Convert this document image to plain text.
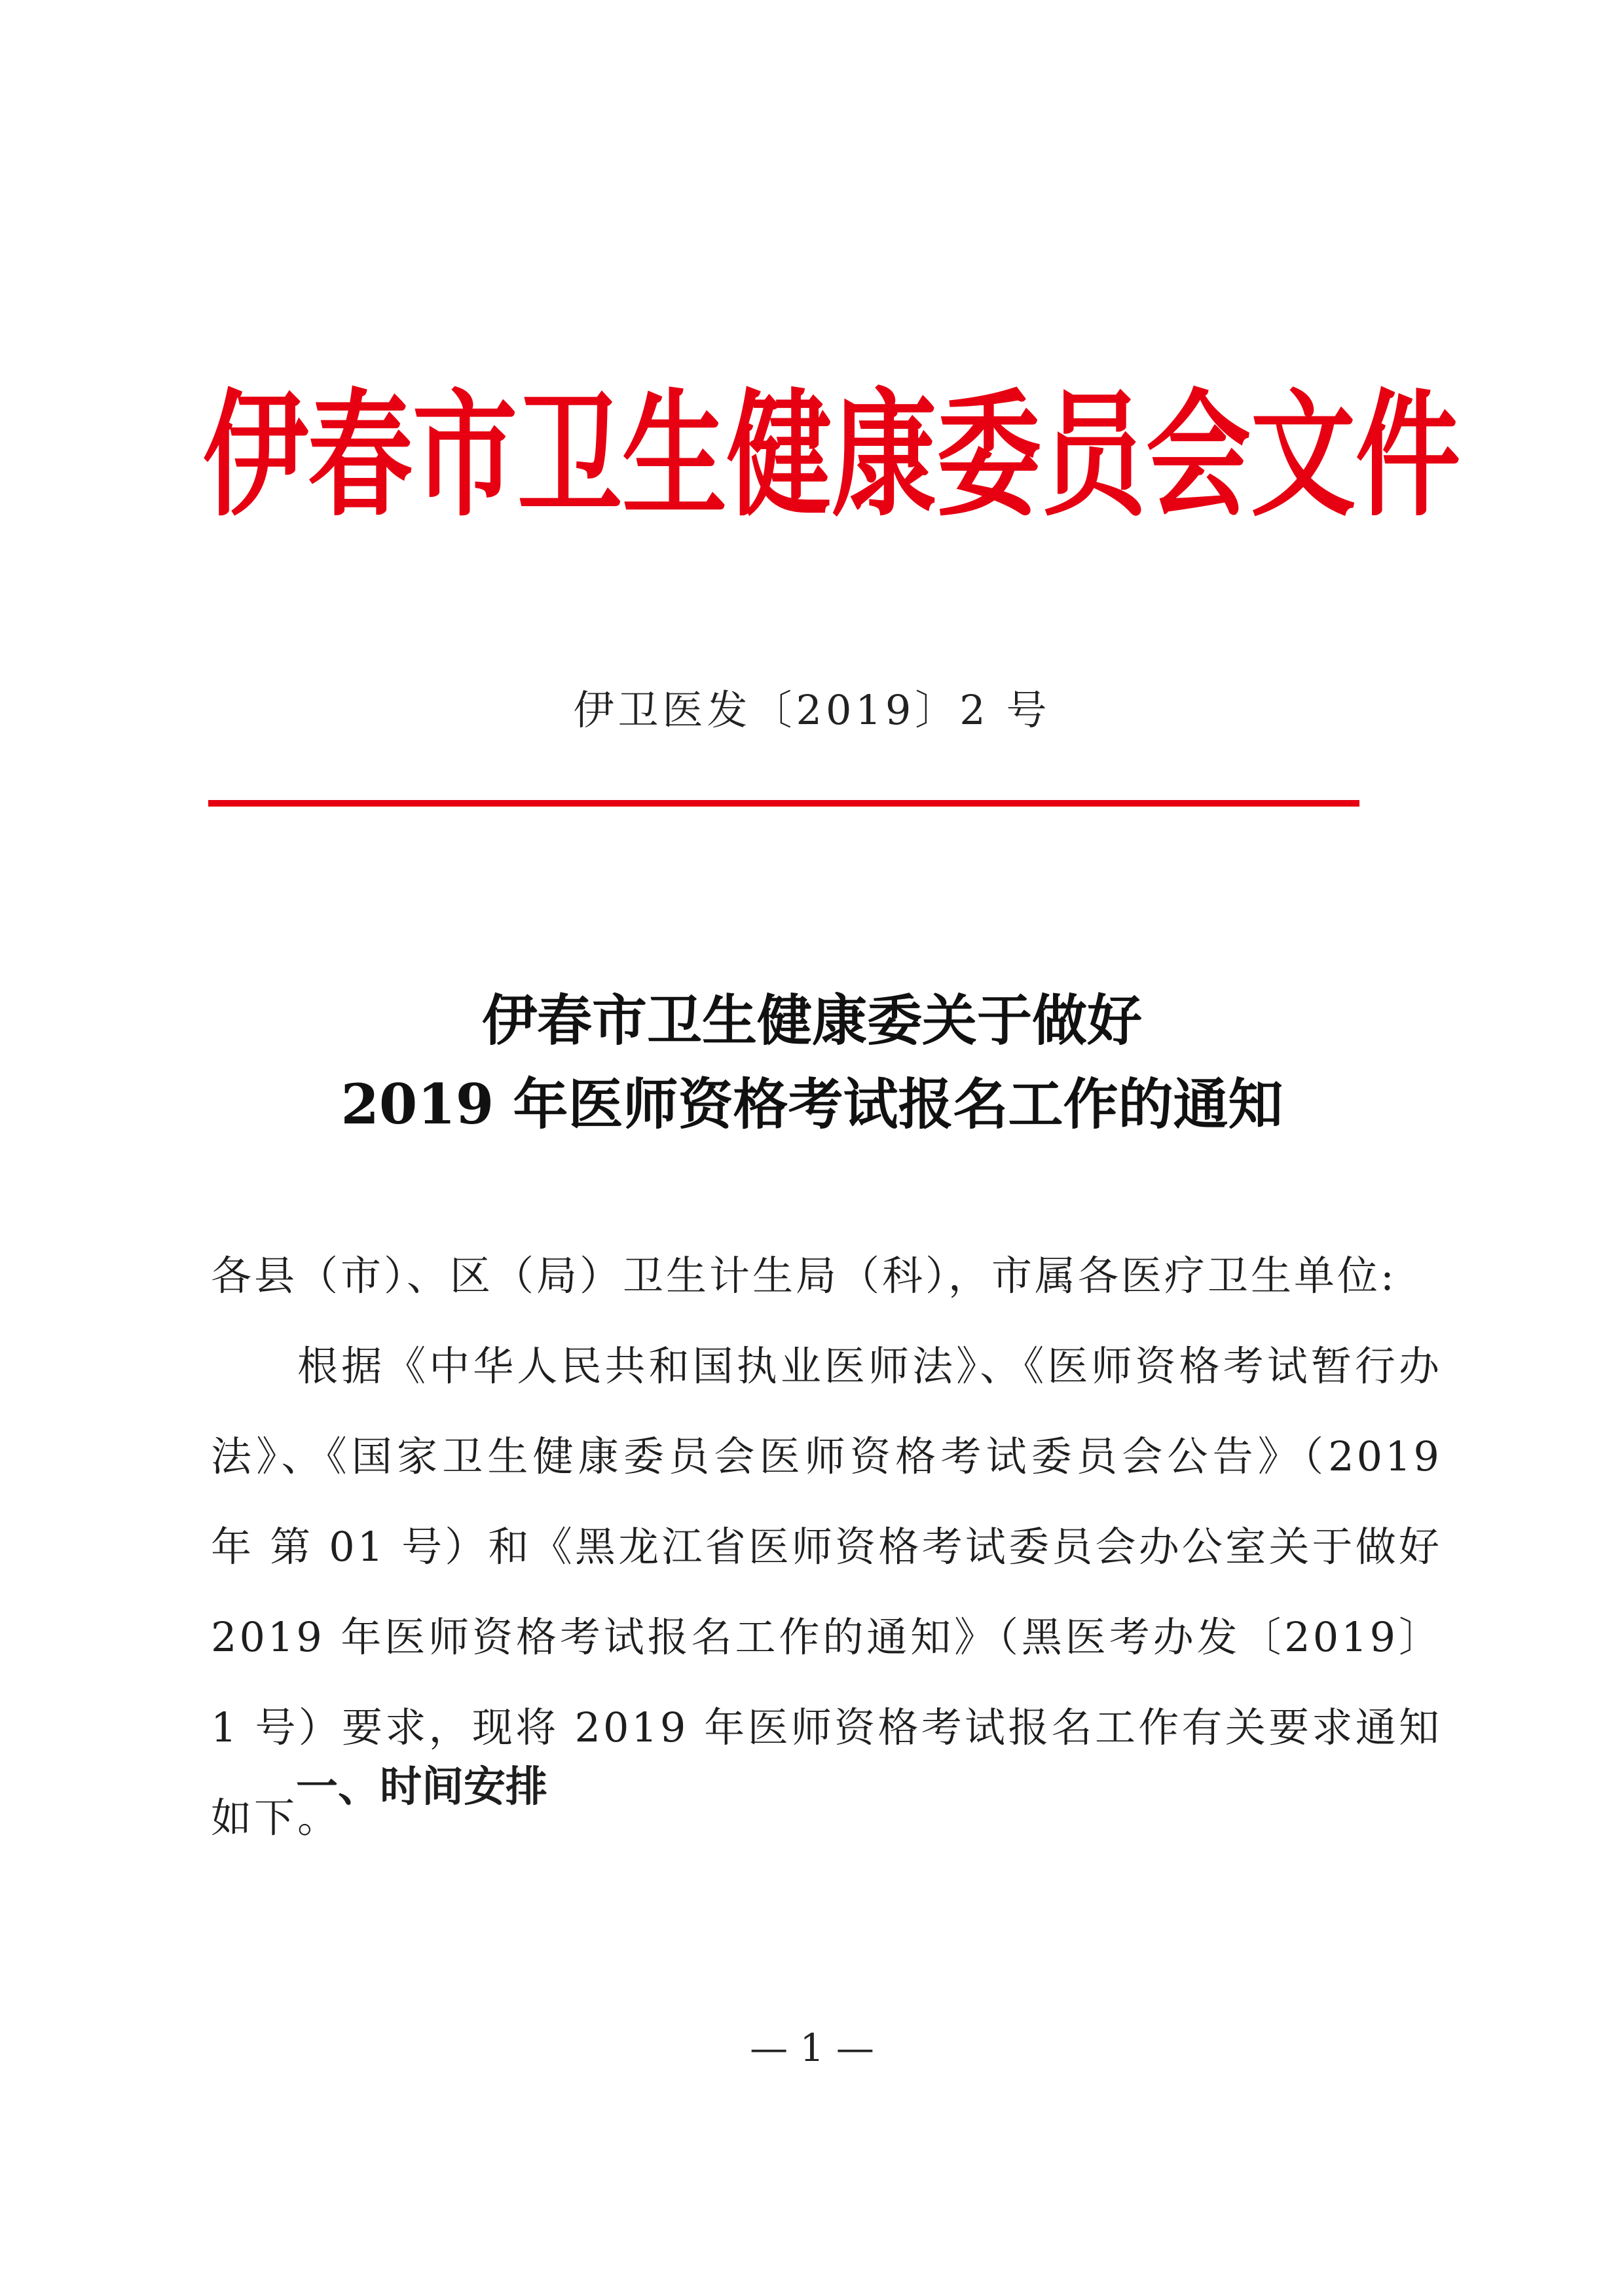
伊春市卫生健康委员会文件

伊卫医发〔2019〕2 号

伊春市卫生健康委关于做好
2019 年医师资格考试报名工作的通知

各县（市）、区（局）卫生计生局（科），市属各医疗卫生单位:

根据《中华人民共和国执业医师法》、《医师资格考试暂行办法》、《国家卫生健康委员会医师资格考试委员会公告》（2019 年 第 01 号）和《黑龙江省医师资格考试委员会办公室关于做好 2019 年医师资格考试报名工作的通知》（黑医考办发〔2019〕1 号）要求，现将 2019 年医师资格考试报名工作有关要求通知如下。

一、时间安排

— 1 —
